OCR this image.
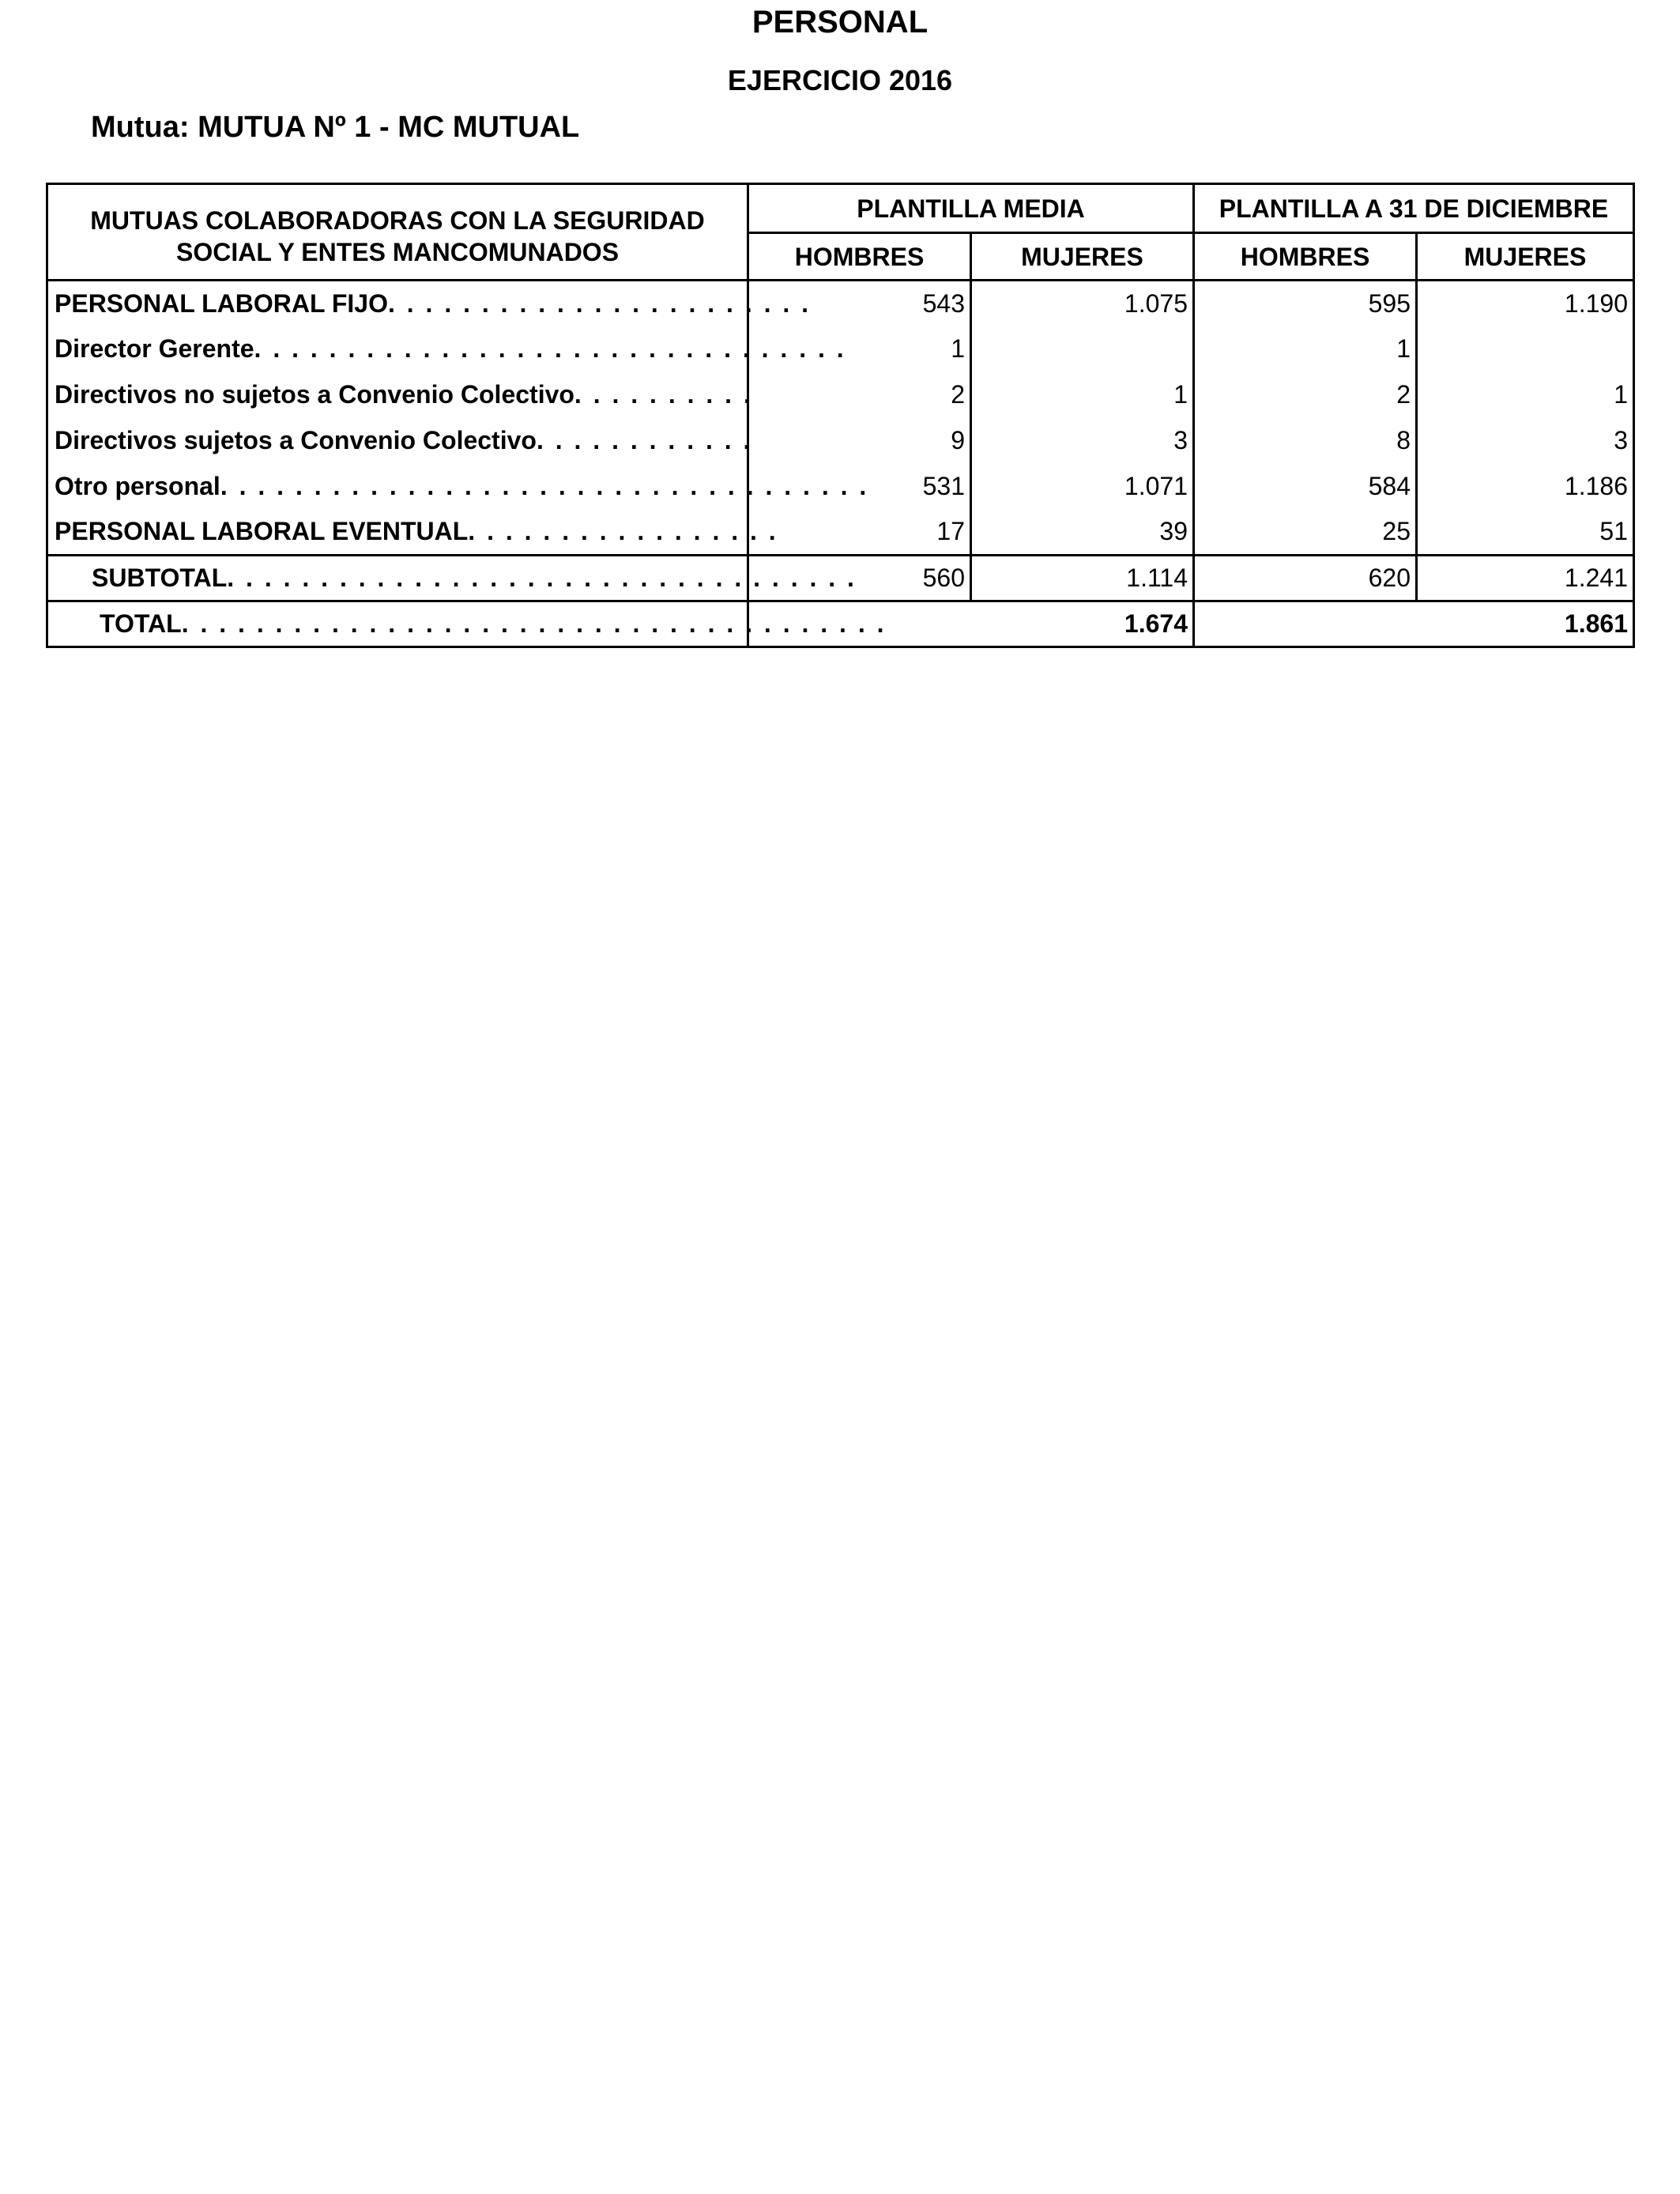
PERSONAL
EJERCICIO 2016
Mutua: MUTUA Nº 1 - MC MUTUAL
MUTUAS COLABORADORAS CON LA SEGURIDAD SOCIAL Y ENTES MANCOMUNADOS	PLANTILLA MEDIA		PLANTILLA A 31 DE DICIEMBRE	
	HOMBRES	MUJERES	HOMBRES	MUJERES
PERSONAL LABORAL FIJO. . . . . . . . . . . . . . . . . . . . . . .	543	1.075	595	1.190
Director Gerente. . . . . . . . . . . . . . . . . . . . . . . . . . . . . . . .	1		1	
Directivos no sujetos a Convenio Colectivo. . . . . . . . . .	2	1	2	1
Directivos sujetos a Convenio Colectivo. . . . . . . . . . . .	9	3	8	3
Otro personal. . . . . . . . . . . . . . . . . . . . . . . . . . . . . . . . . . .	531	1.071	584	1.186
PERSONAL LABORAL EVENTUAL. . . . . . . . . . . . . . . . .	17	39	25	51
SUBTOTAL. . . . . . . . . . . . . . . . . . . . . . . . . . . . . . . . . .	560	1.114	620	1.241
TOTAL. . . . . . . . . . . . . . . . . . . . . . . . . . . . . . . . . . . . . .	1.674		1.861	
